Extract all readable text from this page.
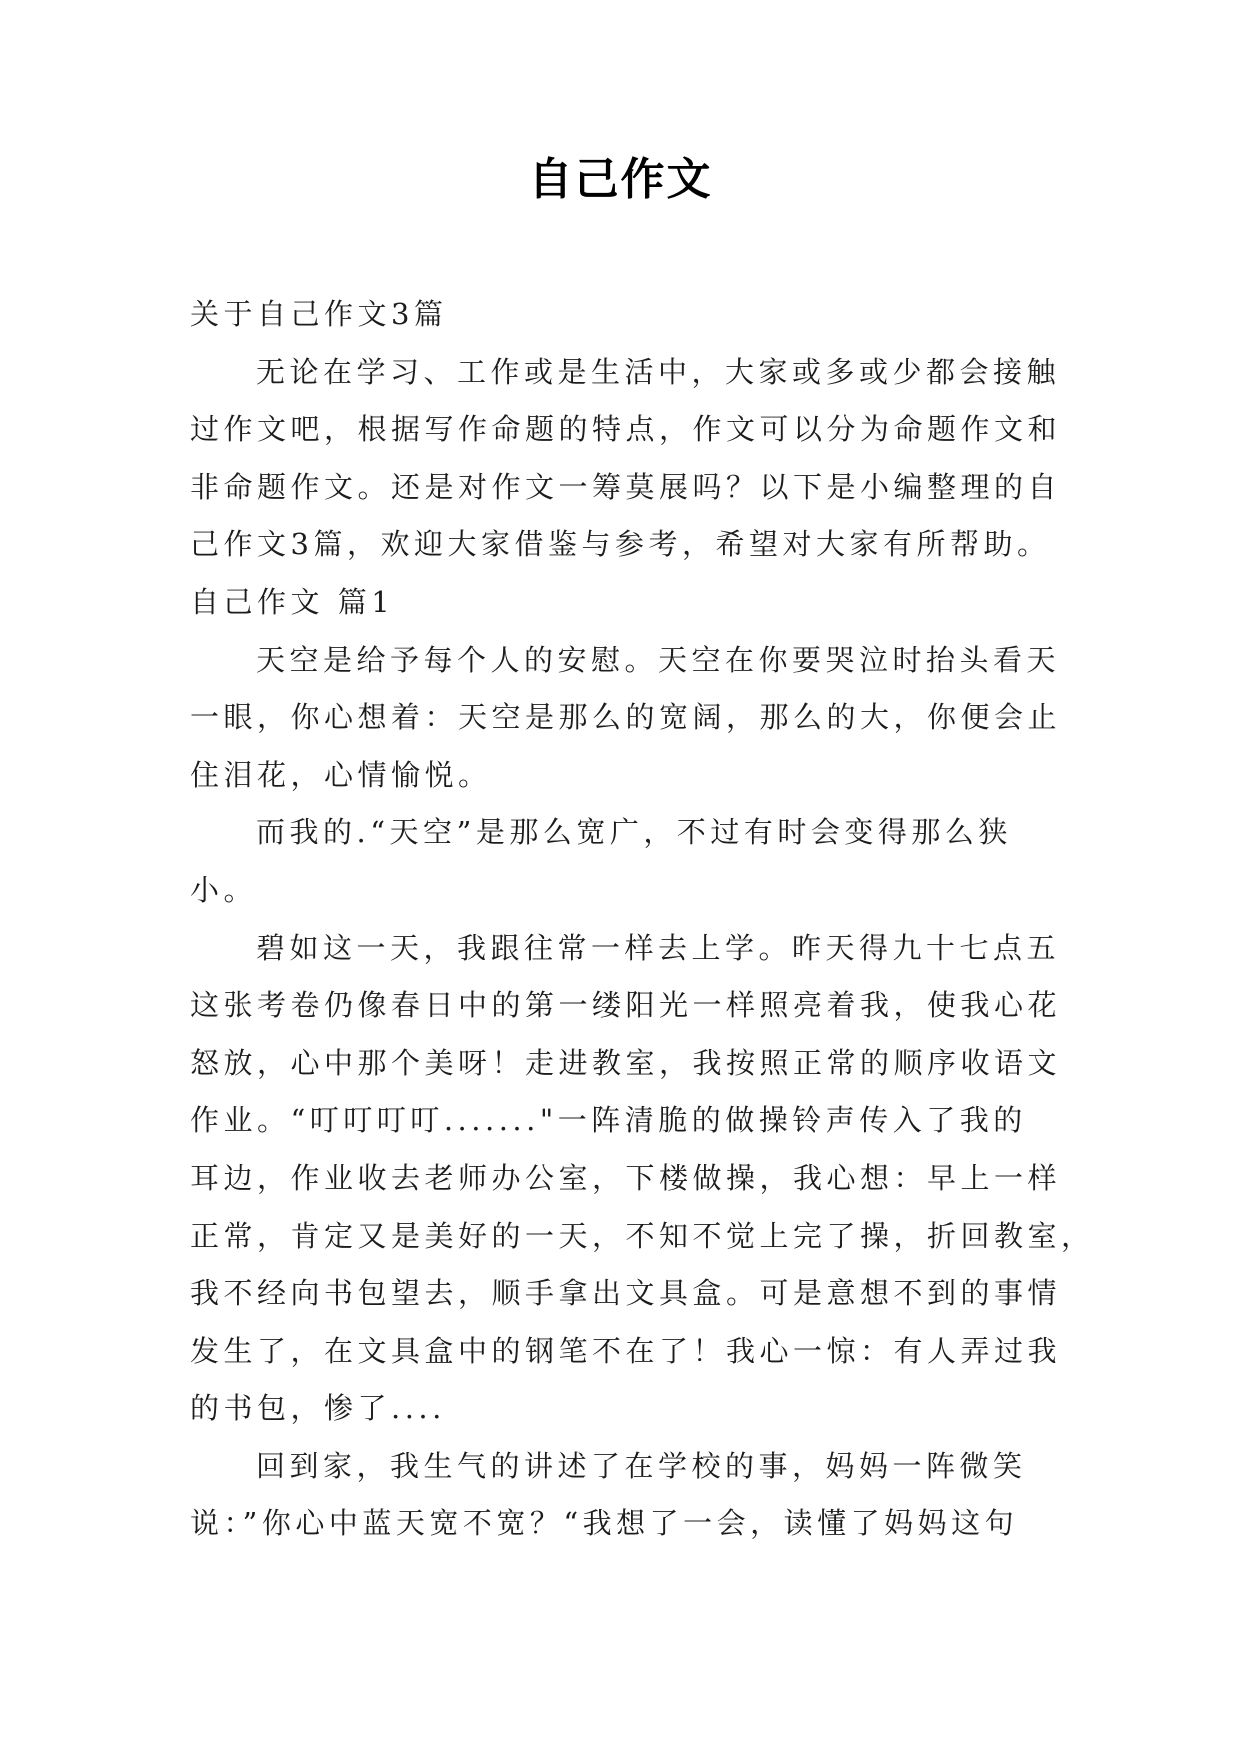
自己作文
关于自己作文3篇
无论在学习、工作或是生活中，大家或多或少都会接触
过作文吧，根据写作命题的特点，作文可以分为命题作文和
非命题作文。还是对作文一筹莫展吗？以下是小编整理的自
己作文3篇，欢迎大家借鉴与参考，希望对大家有所帮助。
自己作文 篇1
天空是给予每个人的安慰。天空在你要哭泣时抬头看天
一眼，你心想着：天空是那么的宽阔，那么的大，你便会止
住泪花，心情愉悦。
而我的.“天空”是那么宽广，不过有时会变得那么狭
小。
碧如这一天，我跟往常一样去上学。昨天得九十七点五
这张考卷仍像春日中的第一缕阳光一样照亮着我，使我心花
怒放，心中那个美呀！走进教室，我按照正常的顺序收语文
作业。“叮叮叮叮......."一阵清脆的做操铃声传入了我的
耳边，作业收去老师办公室，下楼做操，我心想：早上一样
正常，肯定又是美好的一天，不知不觉上完了操，折回教室，
我不经向书包望去，顺手拿出文具盒。可是意想不到的事情
发生了，在文具盒中的钢笔不在了！我心一惊：有人弄过我
的书包，惨了....
回到家，我生气的讲述了在学校的事，妈妈一阵微笑
说：”你心中蓝天宽不宽？“我想了一会，读懂了妈妈这句
